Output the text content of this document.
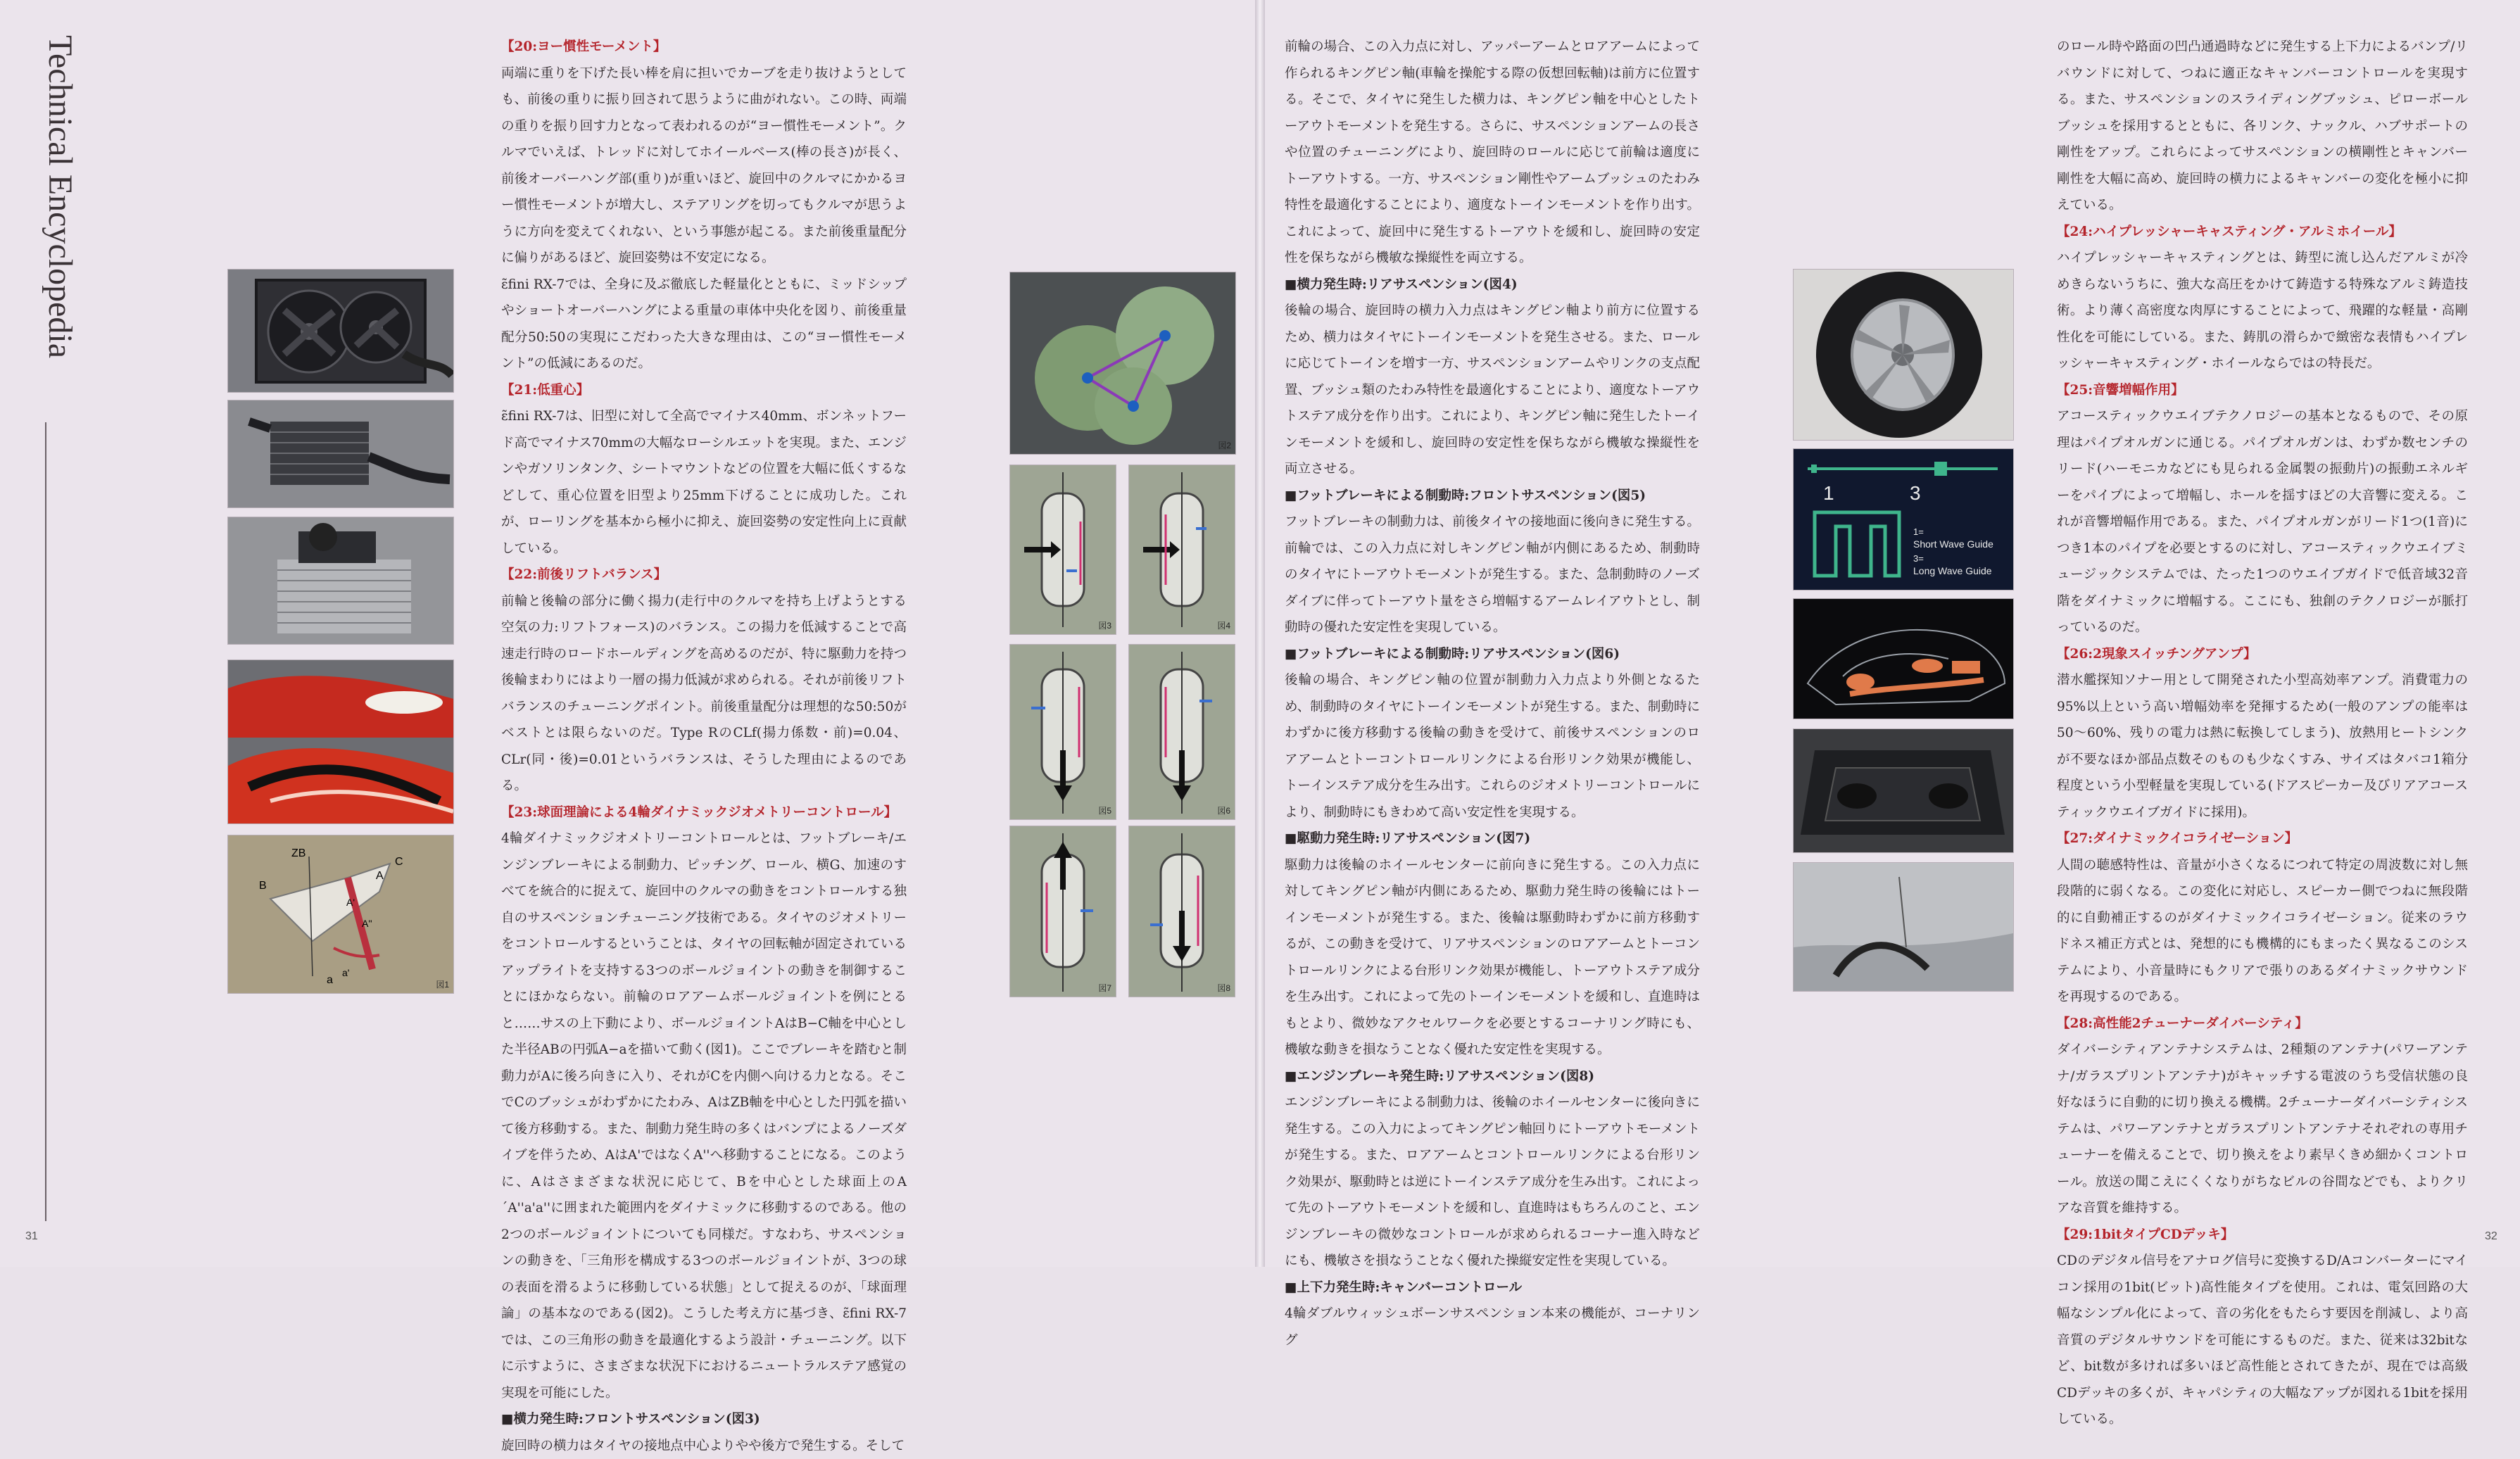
Technical Encyclopedia
31
ZB
C
B
A
A'
A''
a
a'
図1

【20:ヨー慣性モーメント】

両端に重りを下げた長い棒を肩に担いでカーブを走り抜けようとしても、前後の重りに振り回されて思うように曲がれない。この時、両端の重りを振り回す力となって表われるのが“ヨー慣性モーメント”。クルマでいえば、トレッドに対してホイールベース(棒の長さ)が長く、前後オーバーハング部(重り)が重いほど、旋回中のクルマにかかるヨー慣性モーメントが増大し、ステアリングを切ってもクルマが思うように方向を変えてくれない、という事態が起こる。また前後重量配分に偏りがあるほど、旋回姿勢は不安定になる。

ɛ̃fini RX-7では、全身に及ぶ徹底した軽量化とともに、ミッドシップやショートオーバーハングによる重量の車体中央化を図り、前後重量配分50:50の実現にこだわった大きな理由は、この“ヨー慣性モーメント”の低減にあるのだ。

【21:低重心】

ɛ̃fini RX-7は、旧型に対して全高でマイナス40mm、ボンネットフード高でマイナス70mmの大幅なローシルエットを実現。また、エンジンやガソリンタンク、シートマウントなどの位置を大幅に低くするなどして、重心位置を旧型より25mm下げることに成功した。これが、ローリングを基本から極小に抑え、旋回姿勢の安定性向上に貢献している。

【22:前後リフトバランス】

前輪と後輪の部分に働く揚力(走行中のクルマを持ち上げようとする空気の力:リフトフォース)のバランス。この揚力を低減することで高速走行時のロードホールディングを高めるのだが、特に駆動力を持つ後輪まわりにはより一層の揚力低減が求められる。それが前後リフトバランスのチューニングポイント。前後重量配分は理想的な50:50がベストとは限らないのだ。Type RのCLf(揚力係数・前)=0.04、CLr(同・後)=0.01というバランスは、そうした理由によるのである。

【23:球面理論による4輪ダイナミックジオメトリーコントロール】

4輪ダイナミックジオメトリーコントロールとは、フットブレーキ/エンジンブレーキによる制動力、ピッチング、ロール、横G、加速のすべてを統合的に捉えて、旋回中のクルマの動きをコントロールする独自のサスペンションチューニング技術である。タイヤのジオメトリーをコントロールするということは、タイヤの回転軸が固定されているアップライトを支持する3つのボールジョイントの動きを制御することにほかならない。前輪のロアアームボールジョイントを例にとると……サスの上下動により、ボールジョイントAはB−C軸を中心とした半径ABの円弧A−aを描いて動く(図1)。ここでブレーキを踏むと制動力がAに後ろ向きに入り、それがCを内側へ向ける力となる。そこでCのブッシュがわずかにたわみ、AはZB軸を中心とした円弧を描いて後方移動する。また、制動力発生時の多くはバンプによるノーズダイブを伴うため、AはA'ではなくA''へ移動することになる。このように、Aはさまざまな状況に応じて、Bを中心とした球面上のA´A''a'a''に囲まれた範囲内をダイナミックに移動するのである。他の2つのボールジョイントについても同様だ。すなわち、サスペンションの動きを、「三角形を構成する3つのボールジョイントが、3つの球の表面を滑るように移動している状態」として捉えるのが、「球面理論」の基本なのである(図2)。こうした考え方に基づき、ɛ̃fini RX-7では、この三角形の動きを最適化するよう設計・チューニング。以下に示すように、さまざまな状況下におけるニュートラルステア感覚の実現を可能にした。

■横力発生時:フロントサスペンション(図3)

旋回時の横力はタイヤの接地点中心よりやや後方で発生する。そして

図2
図3	図4
図5	図6
図7	図8

前輪の場合、この入力点に対し、アッパーアームとロアアームによって作られるキングピン軸(車輪を操舵する際の仮想回転軸)は前方に位置する。そこで、タイヤに発生した横力は、キングピン軸を中心としたトーアウトモーメントを発生する。さらに、サスペンションアームの長さや位置のチューニングにより、旋回時のロールに応じて前輪は適度にトーアウトする。一方、サスペンション剛性やアームブッシュのたわみ特性を最適化することにより、適度なトーインモーメントを作り出す。これによって、旋回中に発生するトーアウトを緩和し、旋回時の安定性を保ちながら機敏な操縦性を両立する。

■横力発生時:リアサスペンション(図4)

後輪の場合、旋回時の横力入力点はキングピン軸より前方に位置するため、横力はタイヤにトーインモーメントを発生させる。また、ロールに応じてトーインを増す一方、サスペンションアームやリンクの支点配置、ブッシュ類のたわみ特性を最適化することにより、適度なトーアウトステア成分を作り出す。これにより、キングピン軸に発生したトーインモーメントを緩和し、旋回時の安定性を保ちながら機敏な操縦性を両立させる。

■フットブレーキによる制動時:フロントサスペンション(図5)

フットブレーキの制動力は、前後タイヤの接地面に後向きに発生する。前輪では、この入力点に対しキングピン軸が内側にあるため、制動時のタイヤにトーアウトモーメントが発生する。また、急制動時のノーズダイブに伴ってトーアウト量をさら増幅するアームレイアウトとし、制動時の優れた安定性を実現している。

■フットブレーキによる制動時:リアサスペンション(図6)

後輪の場合、キングピン軸の位置が制動力入力点より外側となるため、制動時のタイヤにトーインモーメントが発生する。また、制動時にわずかに後方移動する後輪の動きを受けて、前後サスペンションのロアアームとトーコントロールリンクによる台形リンク効果が機能し、トーインステア成分を生み出す。これらのジオメトリーコントロールにより、制動時にもきわめて高い安定性を実現する。

■駆動力発生時:リアサスペンション(図7)

駆動力は後輪のホイールセンターに前向きに発生する。この入力点に対してキングピン軸が内側にあるため、駆動力発生時の後輪にはトーインモーメントが発生する。また、後輪は駆動時わずかに前方移動するが、この動きを受けて、リアサスペンションのロアアームとトーコントロールリンクによる台形リンク効果が機能し、トーアウトステア成分を生み出す。これによって先のトーインモーメントを緩和し、直進時はもとより、微妙なアクセルワークを必要とするコーナリング時にも、機敏な動きを損なうことなく優れた安定性を実現する。

■エンジンブレーキ発生時:リアサスペンション(図8)

エンジンブレーキによる制動力は、後輪のホイールセンターに後向きに発生する。この入力によってキングピン軸回りにトーアウトモーメントが発生する。また、ロアアームとコントロールリンクによる台形リンク効果が、駆動時とは逆にトーインステア成分を生み出す。これによって先のトーアウトモーメントを緩和し、直進時はもちろんのこと、エンジンブレーキの微妙なコントロールが求められるコーナー進入時などにも、機敏さを損なうことなく優れた操縦安定性を実現している。

■上下力発生時:キャンバーコントロール

4輪ダブルウィッシュボーンサスペンション本来の機能が、コーナリング

1	3
1=
Short Wave Guide
3=
Long Wave Guide

のロール時や路面の凹凸通過時などに発生する上下力によるバンプ/リバウンドに対して、つねに適正なキャンバーコントロールを実現する。また、サスペンションのスライディングブッシュ、ピローボールブッシュを採用するとともに、各リンク、ナックル、ハブサポートの剛性をアップ。これらによってサスペンションの横剛性とキャンバー剛性を大幅に高め、旋回時の横力によるキャンバーの変化を極小に抑えている。

【24:ハイプレッシャーキャスティング・アルミホイール】

ハイプレッシャーキャスティングとは、鋳型に流し込んだアルミが冷めきらないうちに、強大な高圧をかけて鋳造する特殊なアルミ鋳造技術。より薄く高密度な肉厚にすることによって、飛躍的な軽量・高剛性化を可能にしている。また、鋳肌の滑らかで緻密な表情もハイプレッシャーキャスティング・ホイールならではの特長だ。

【25:音響増幅作用】

アコースティックウエイブテクノロジーの基本となるもので、その原理はパイプオルガンに通じる。パイプオルガンは、わずか数センチのリード(ハーモニカなどにも見られる金属製の振動片)の振動エネルギーをパイプによって増幅し、ホールを揺すほどの大音響に変える。これが音響増幅作用である。また、パイプオルガンがリード1つ(1音)につき1本のパイプを必要とするのに対し、アコースティックウエイブミュージックシステムでは、たった1つのウエイブガイドで低音域32音階をダイナミックに増幅する。ここにも、独創のテクノロジーが脈打っているのだ。

【26:2現象スイッチングアンプ】

潜水艦探知ソナー用として開発された小型高効率アンプ。消費電力の95%以上という高い増幅効率を発揮するため(一般のアンプの能率は50〜60%、残りの電力は熱に転換してしまう)、放熱用ヒートシンクが不要なほか部品点数そのものも少なくすみ、サイズはタバコ1箱分程度という小型軽量を実現している(ドアスピーカー及びリアアコースティックウエイブガイドに採用)。

【27:ダイナミックイコライゼーション】

人間の聴感特性は、音量が小さくなるにつれて特定の周波数に対し無段階的に弱くなる。この変化に対応し、スピーカー側でつねに無段階的に自動補正するのがダイナミックイコライゼーション。従来のラウドネス補正方式とは、発想的にも機構的にもまったく異なるこのシステムにより、小音量時にもクリアで張りのあるダイナミックサウンドを再現するのである。

【28:高性能2チューナーダイバーシティ】

ダイバーシティアンテナシステムは、2種類のアンテナ(パワーアンテナ/ガラスプリントアンテナ)がキャッチする電波のうち受信状態の良好なほうに自動的に切り換える機構。2チューナーダイバーシティシステムは、パワーアンテナとガラスプリントアンテナそれぞれの専用チューナーを備えることで、切り換えをより素早くきめ細かくコントロール。放送の聞こえにくくなりがちなビルの谷間などでも、よりクリアな音質を維持する。

【29:1bitタイプCDデッキ】

CDのデジタル信号をアナログ信号に変換するD/Aコンバーターにマイコン採用の1bit(ビット)高性能タイプを使用。これは、電気回路の大幅なシンプル化によって、音の劣化をもたらす要因を削減し、より高音質のデジタルサウンドを可能にするものだ。また、従来は32bitなど、bit数が多ければ多いほど高性能とされてきたが、現在では高級CDデッキの多くが、キャパシティの大幅なアップが図れる1bitを採用している。

32
